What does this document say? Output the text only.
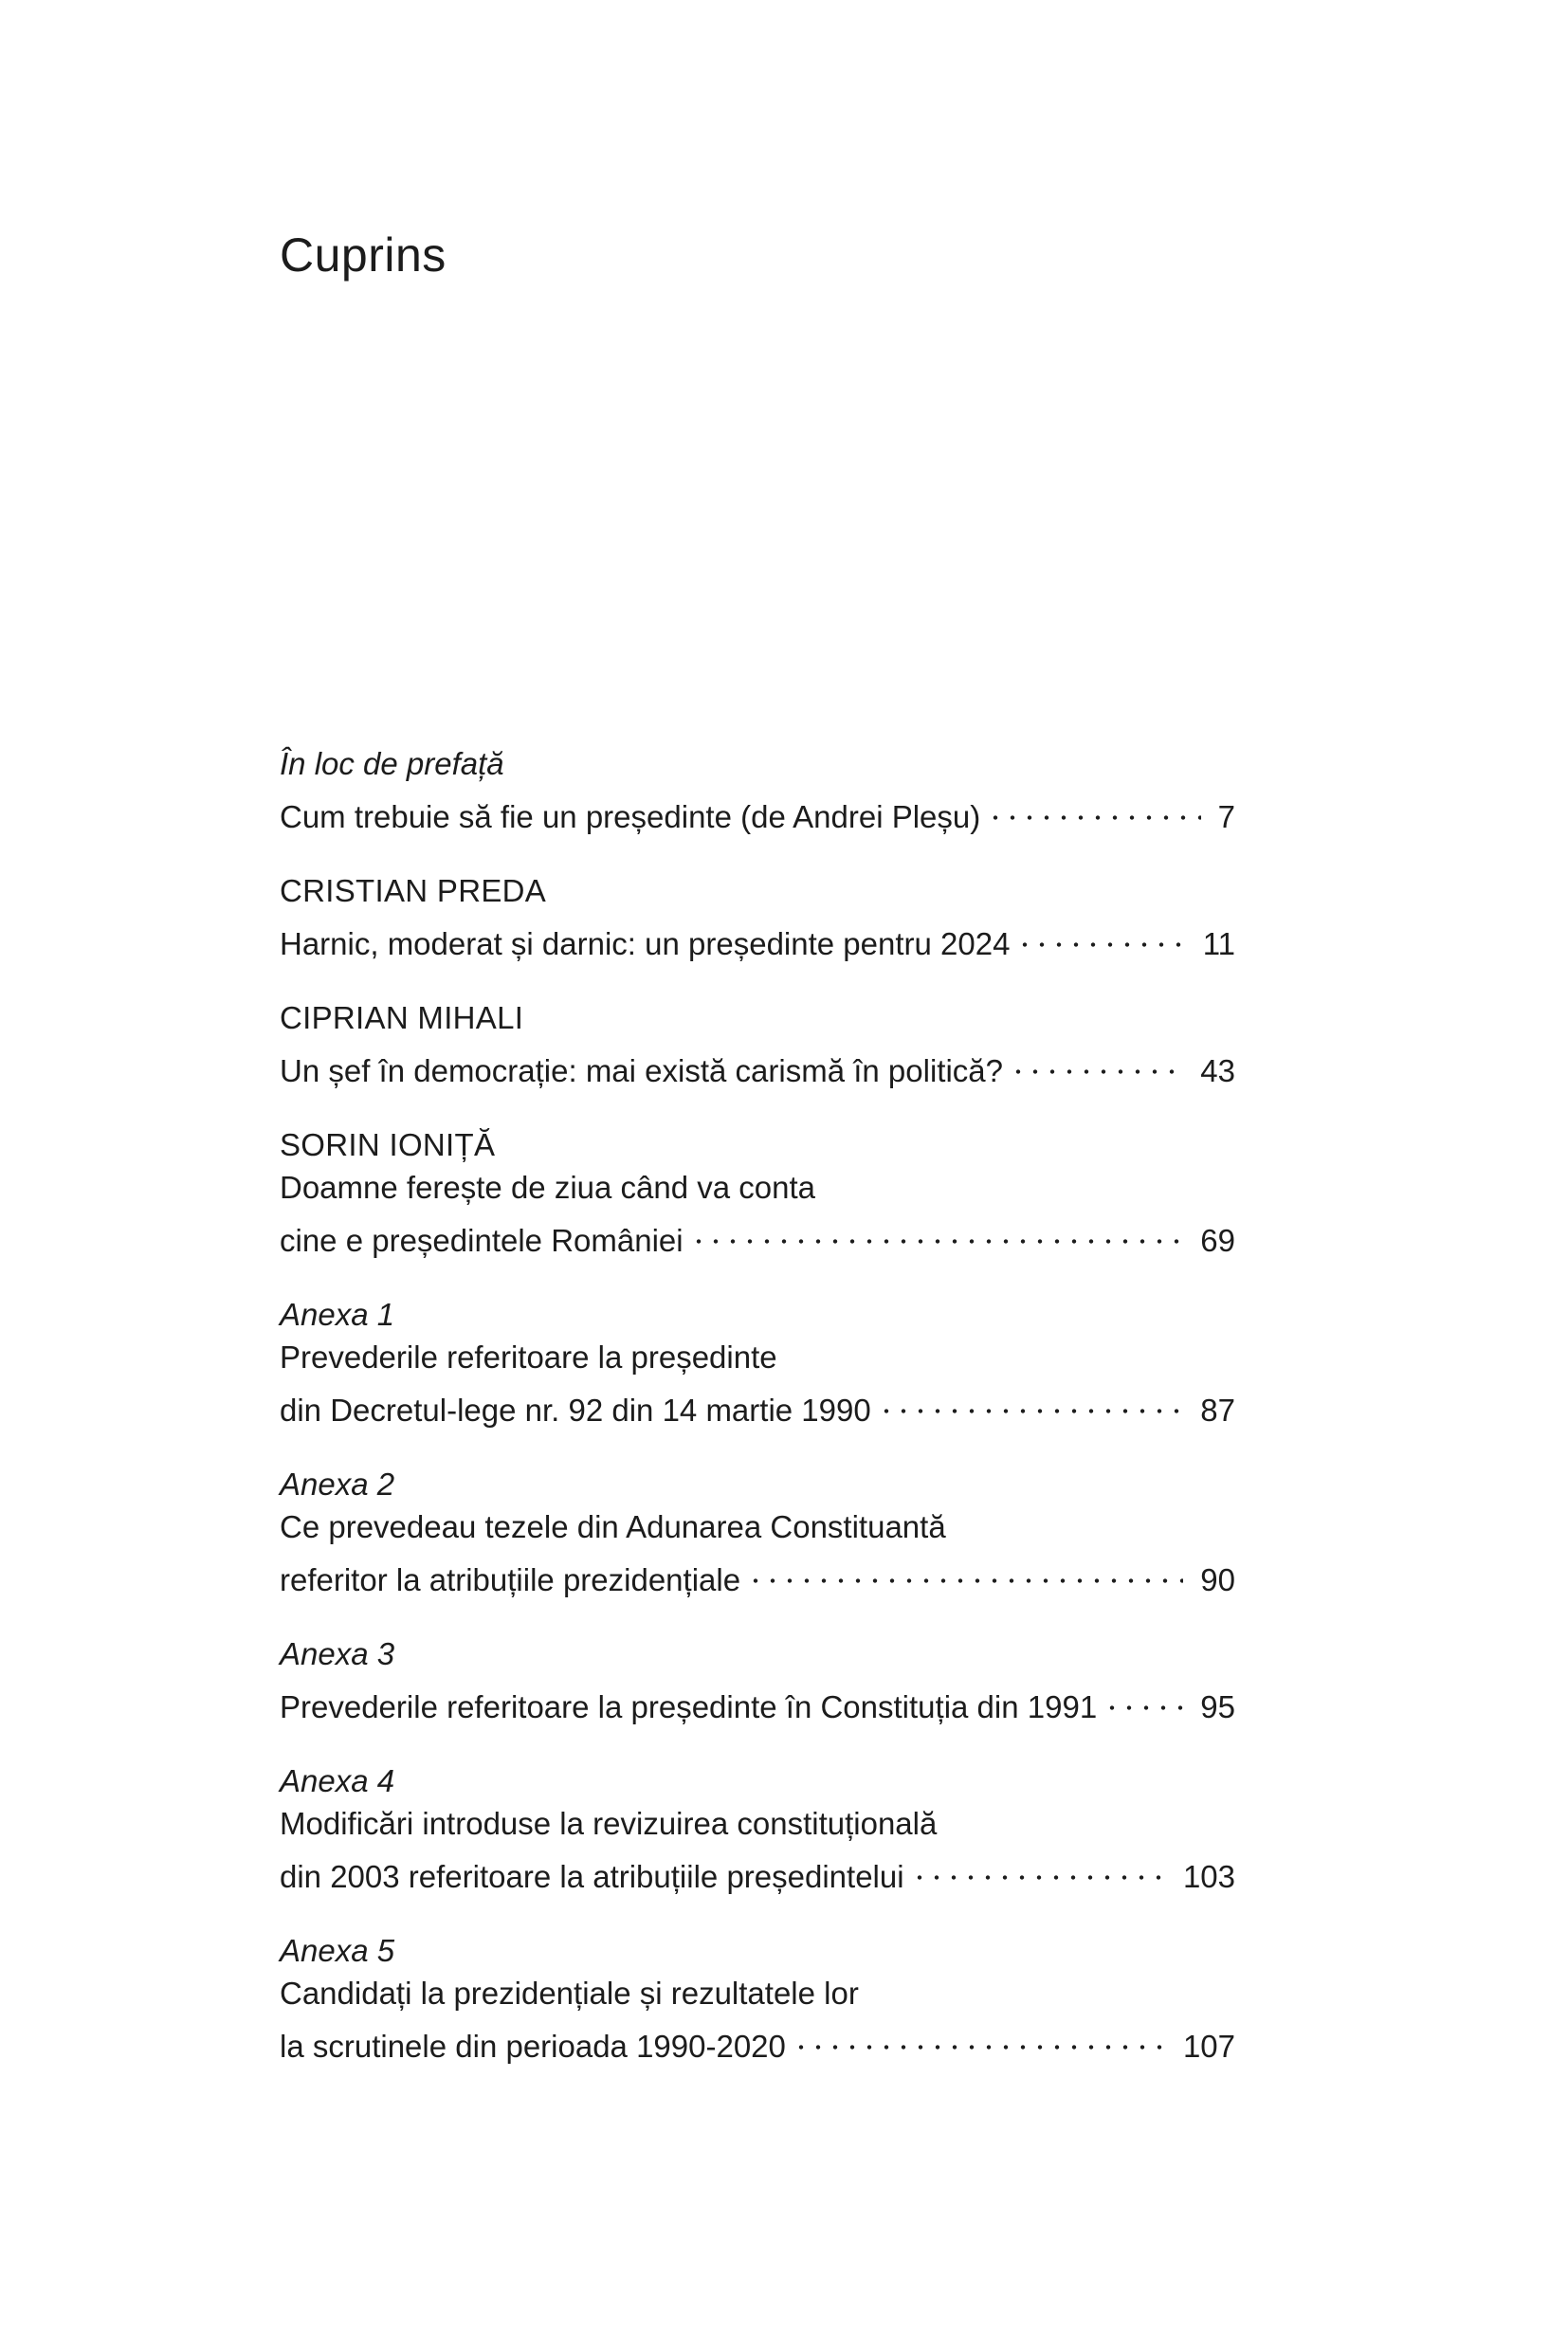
Cuprins
În loc de prefață
Cum trebuie să fie un președinte (de Andrei Pleșu)	7
CRISTIAN PREDA
Harnic, moderat și darnic: un președinte pentru 2024	11
CIPRIAN MIHALI
Un șef în democrație: mai există carismă în politică?	43
SORIN IONIȚĂ
Doamne ferește de ziua când va conta
cine e președintele României	69
Anexa 1
Prevederile referitoare la președinte
din Decretul-lege nr. 92 din 14 martie 1990	87
Anexa 2
Ce prevedeau tezele din Adunarea Constituantă
referitor la atribuțiile prezidențiale	90
Anexa 3
Prevederile referitoare la președinte în Constituția din 1991	95
Anexa 4
Modificări introduse la revizuirea constituțională
din 2003 referitoare la atribuțiile președintelui	103
Anexa 5
Candidați la prezidențiale și rezultatele lor
la scrutinele din perioada 1990-2020	107
